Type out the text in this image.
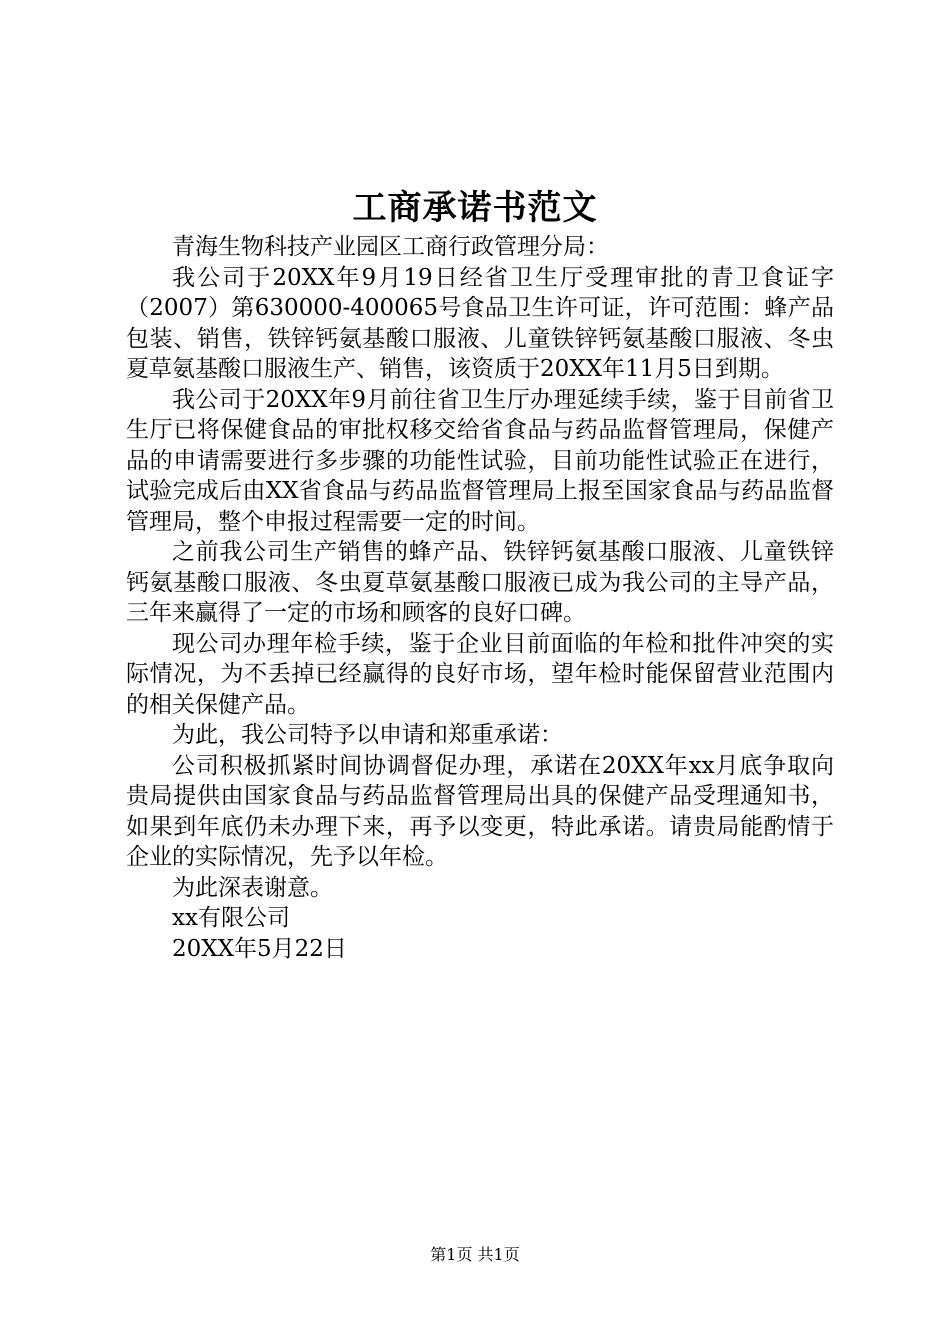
工商承诺书范文

青海生物科技产业园区工商行政管理分局：

我公司于20XX年9月19日经省卫生厅受理审批的青卫食证字（2007）第630000-400065号食品卫生许可证，许可范围：蜂产品包装、销售，铁锌钙氨基酸口服液、儿童铁锌钙氨基酸口服液、冬虫夏草氨基酸口服液生产、销售，该资质于20XX年11月5日到期。

我公司于20XX年9月前往省卫生厅办理延续手续，鉴于目前省卫生厅已将保健食品的审批权移交给省食品与药品监督管理局，保健产品的申请需要进行多步骤的功能性试验，目前功能性试验正在进行，试验完成后由XX省食品与药品监督管理局上报至国家食品与药品监督管理局，整个申报过程需要一定的时间。

之前我公司生产销售的蜂产品、铁锌钙氨基酸口服液、儿童铁锌钙氨基酸口服液、冬虫夏草氨基酸口服液已成为我公司的主导产品，三年来赢得了一定的市场和顾客的良好口碑。

现公司办理年检手续，鉴于企业目前面临的年检和批件冲突的实际情况，为不丢掉已经赢得的良好市场，望年检时能保留营业范围内的相关保健产品。

为此，我公司特予以申请和郑重承诺：

公司积极抓紧时间协调督促办理，承诺在20XX年xx月底争取向贵局提供由国家食品与药品监督管理局出具的保健产品受理通知书，如果到年底仍未办理下来，再予以变更，特此承诺。请贵局能酌情于企业的实际情况，先予以年检。

为此深表谢意。

xx有限公司

20XX年5月22日

第1页 共1页
